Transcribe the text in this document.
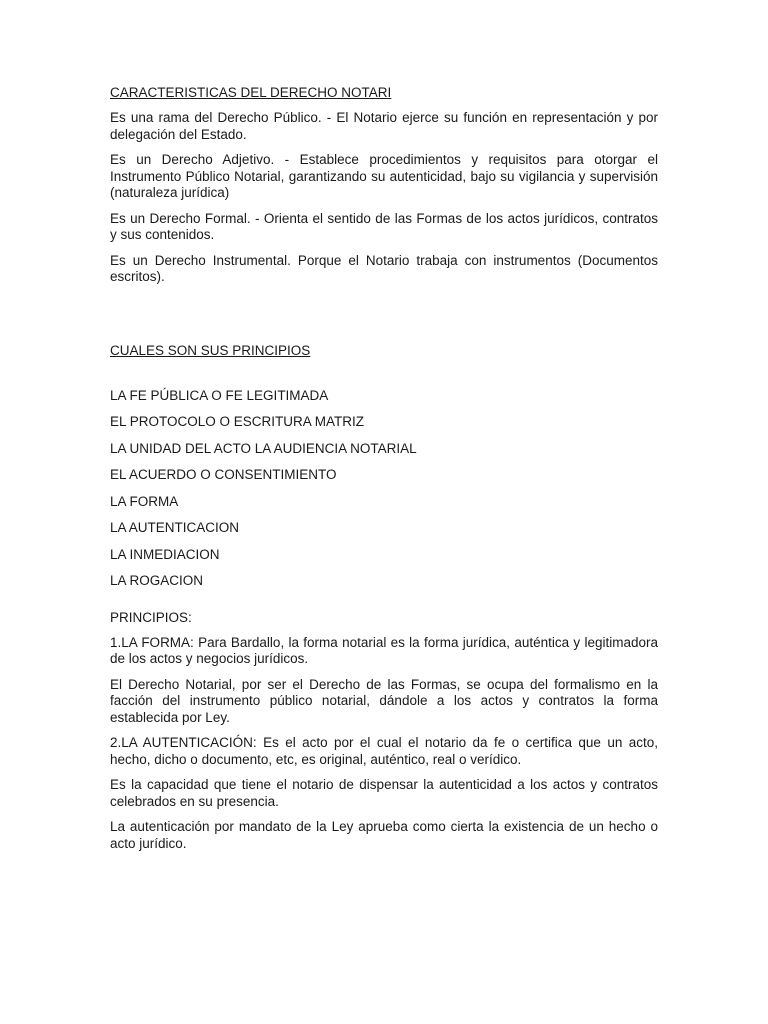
CARACTERISTICAS DEL DERECHO NOTARI

Es una rama del Derecho Público. - El Notario ejerce su función en representación y por delegación del Estado.

Es un Derecho Adjetivo. - Establece procedimientos y requisitos para otorgar el Instrumento Público Notarial, garantizando su autenticidad, bajo su vigilancia y supervisión (naturaleza jurídica)

Es un Derecho Formal. - Orienta el sentido de las Formas de los actos jurídicos, contratos y sus contenidos.

Es un Derecho Instrumental. Porque el Notario trabaja con instrumentos (Documentos escritos).

CUALES SON SUS PRINCIPIOS
LA FE PÚBLICA O FE LEGITIMADA
EL PROTOCOLO O ESCRITURA MATRIZ
LA UNIDAD DEL ACTO LA AUDIENCIA NOTARIAL
EL ACUERDO O CONSENTIMIENTO
LA FORMA
LA AUTENTICACION
LA INMEDIACION
LA ROGACION
PRINCIPIOS:

1.LA FORMA: Para Bardallo, la forma notarial es la forma jurídica, auténtica y legitimadora de los actos y negocios jurídicos.

El Derecho Notarial, por ser el Derecho de las Formas, se ocupa del formalismo en la facción del instrumento público notarial, dándole a los actos y contratos la forma establecida por Ley.

2.LA AUTENTICACIÓN: Es el acto por el cual el notario da fe o certifica que un acto, hecho, dicho o documento, etc, es original, auténtico, real o verídico.

Es la capacidad que tiene el notario de dispensar la autenticidad a los actos y contratos celebrados en su presencia.

La autenticación por mandato de la Ley aprueba como cierta la existencia de un hecho o acto jurídico.
